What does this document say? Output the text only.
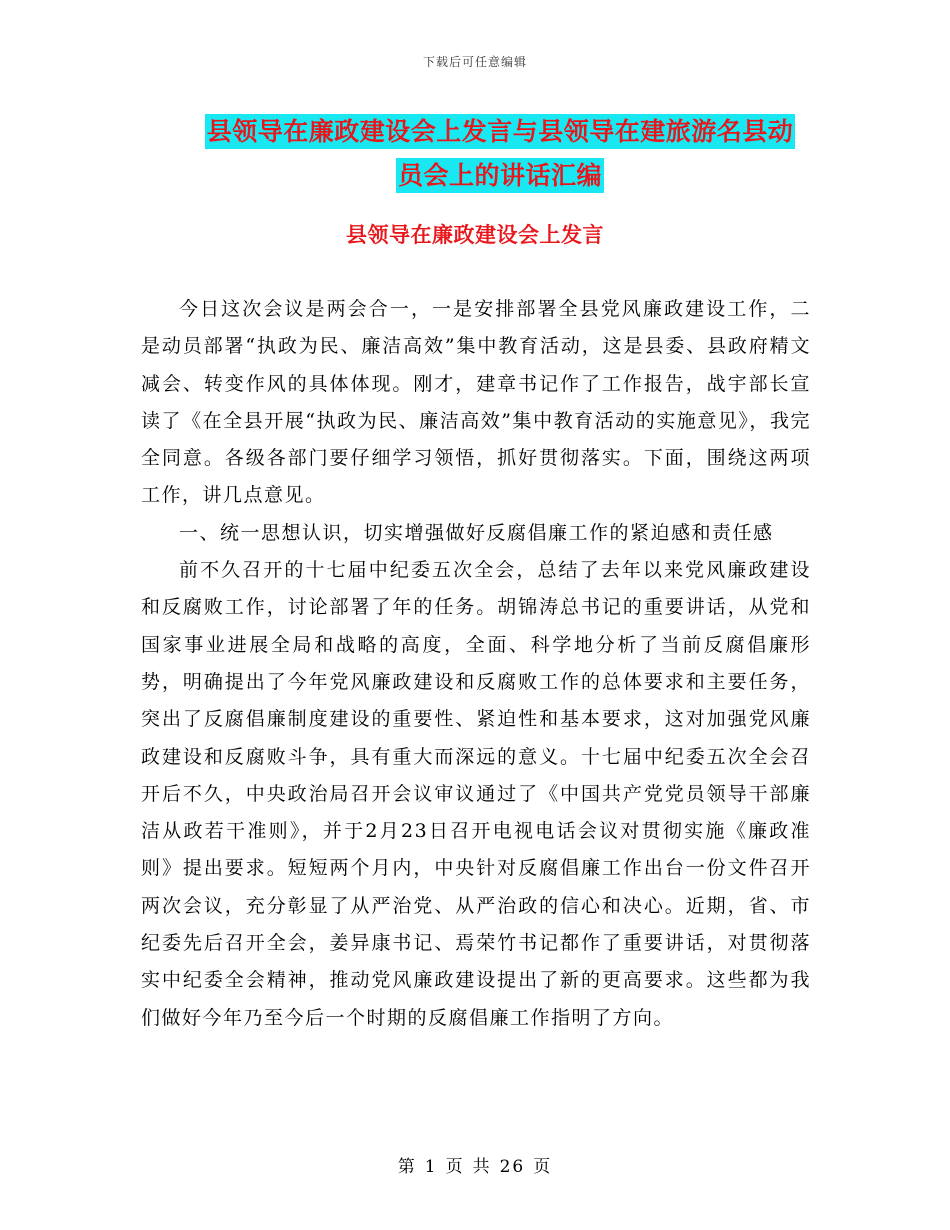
下载后可任意编辑
县领导在廉政建设会上发言与县领导在建旅游名县动
员会上的讲话汇编
县领导在廉政建设会上发言

今日这次会议是两会合一，一是安排部署全县党风廉政建设工作，二是动员部署“执政为民、廉洁高效”集中教育活动，这是县委、县政府精文减会、转变作风的具体体现。刚才，建章书记作了工作报告，战宇部长宣读了《在全县开展“执政为民、廉洁高效”集中教育活动的实施意见》，我完全同意。各级各部门要仔细学习领悟，抓好贯彻落实。下面，围绕这两项工作，讲几点意见。

一、统一思想认识，切实增强做好反腐倡廉工作的紧迫感和责任感

前不久召开的十七届中纪委五次全会，总结了去年以来党风廉政建设和反腐败工作，讨论部署了年的任务。胡锦涛总书记的重要讲话，从党和国家事业进展全局和战略的高度，全面、科学地分析了当前反腐倡廉形势，明确提出了今年党风廉政建设和反腐败工作的总体要求和主要任务，突出了反腐倡廉制度建设的重要性、紧迫性和基本要求，这对加强党风廉政建设和反腐败斗争，具有重大而深远的意义。十七届中纪委五次全会召开后不久，中央政治局召开会议审议通过了《中国共产党党员领导干部廉洁从政若干准则》，并于2月23日召开电视电话会议对贯彻实施《廉政准则》提出要求。短短两个月内，中央针对反腐倡廉工作出台一份文件召开两次会议，充分彰显了从严治党、从严治政的信心和决心。近期，省、市纪委先后召开全会，姜异康书记、焉荣竹书记都作了重要讲话，对贯彻落实中纪委全会精神，推动党风廉政建设提出了新的更高要求。这些都为我们做好今年乃至今后一个时期的反腐倡廉工作指明了方向。

第 1 页 共 26 页
